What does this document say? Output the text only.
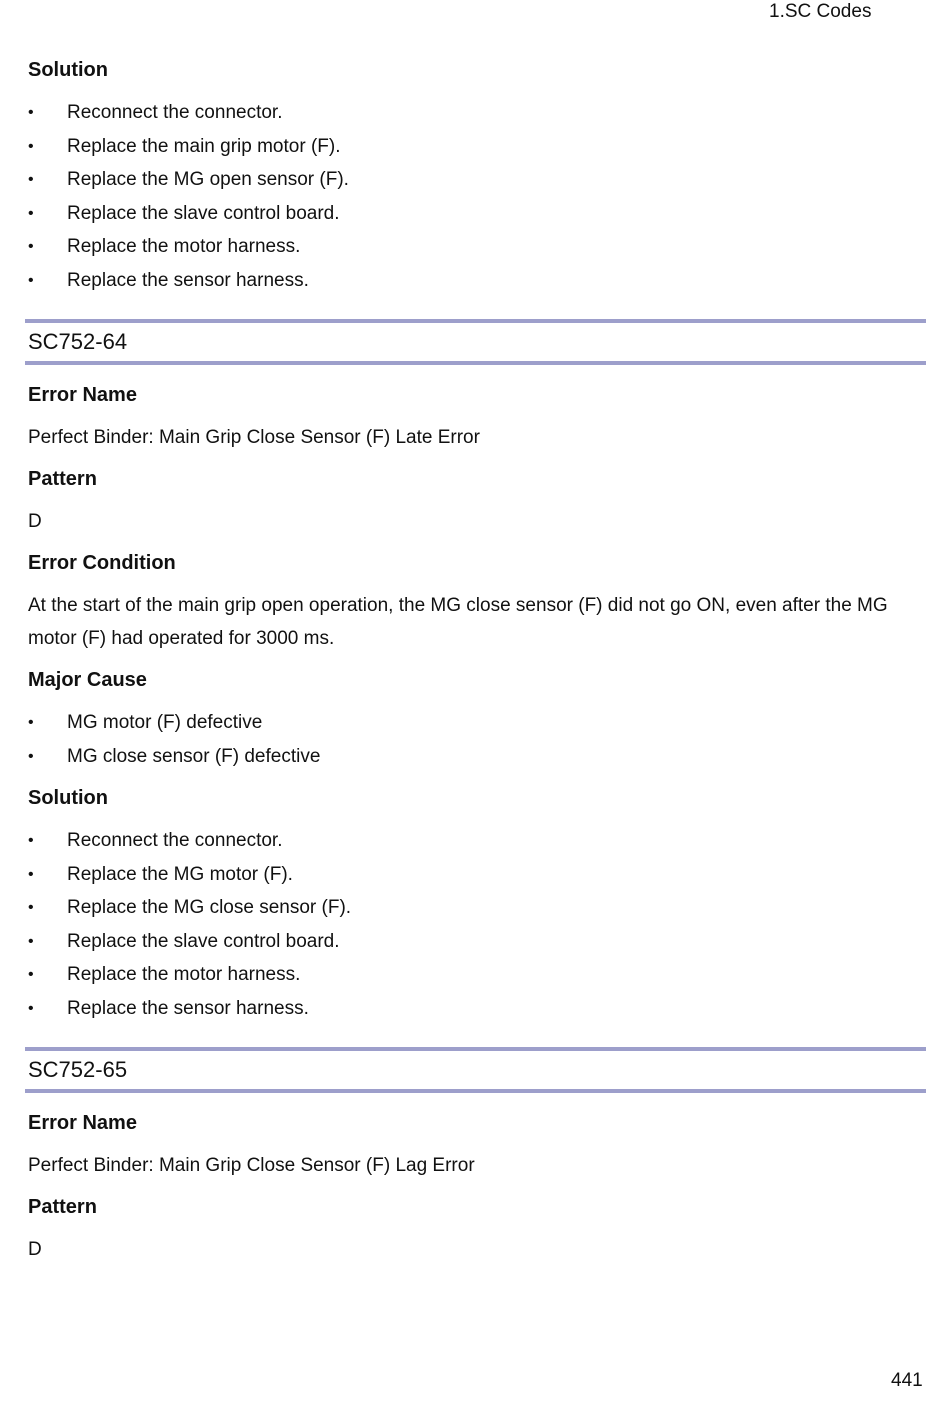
1.SC Codes
Solution
•	Reconnect the connector.
•	Replace the main grip motor (F).
•	Replace the MG open sensor (F).
•	Replace the slave control board.
•	Replace the motor harness.
•	Replace the sensor harness.
SC752-64
Error Name

Perfect Binder: Main Grip Close Sensor (F) Late Error

Pattern

D

Error Condition

At the start of the main grip open operation, the MG close sensor (F) did not go ON, even after the MG motor (F) had operated for 3000 ms.

Major Cause
•	MG motor (F) defective
•	MG close sensor (F) defective
Solution
•	Reconnect the connector.
•	Replace the MG motor (F).
•	Replace the MG close sensor (F).
•	Replace the slave control board.
•	Replace the motor harness.
•	Replace the sensor harness.
SC752-65
Error Name

Perfect Binder: Main Grip Close Sensor (F) Lag Error

Pattern

D

441
